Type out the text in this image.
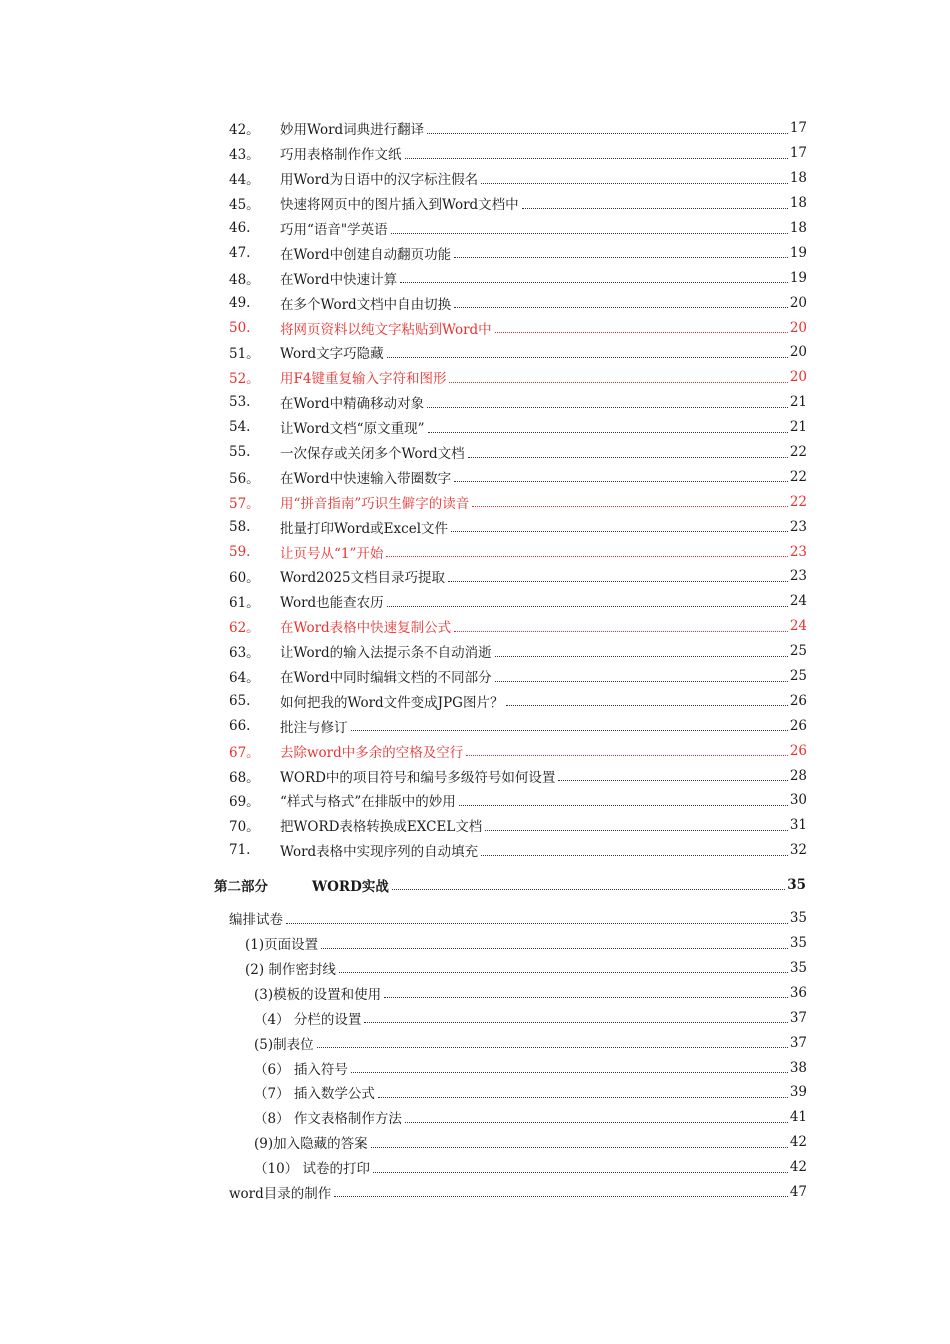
42。	妙用Word词典进行翻译	17
43。	巧用表格制作作文纸	17
44。	用Word为日语中的汉字标注假名	18
45。	快速将网页中的图片插入到Word文档中	18
46.	巧用“语音"学英语	18
47.	在Word中创建自动翻页功能	19
48。	在Word中快速计算	19
49.	在多个Word文档中自由切换	20
50.	将网页资料以纯文字粘贴到Word中	20
51。	Word文字巧隐藏	20
52。	用F4键重复输入字符和图形	20
53.	在Word中精确移动对象	21
54.	让Word文档“原文重现”	21
55.	一次保存或关闭多个Word文档	22
56。	在Word中快速输入带圈数字	22
57。	用“拼音指南”巧识生僻字的读音	22
58.	批量打印Word或Excel文件	23
59.	让页号从“1”开始	23
60。	Word2025文档目录巧提取	23
61。	Word也能查农历	24
62。	在Word表格中快速复制公式	24
63。	让Word的输入法提示条不自动消逝	25
64。	在Word中同时编辑文档的不同部分	25
65.	如何把我的Word文件变成JPG图片？	26
66.	批注与修订	26
67。	去除word中多余的空格及空行	26
68。	WORD中的项目符号和编号多级符号如何设置	28
69。	“样式与格式”在排版中的妙用	30
70。	把WORD表格转换成EXCEL文档	31
71.	Word表格中实现序列的自动填充	32
第二部分	WORD实战	35
编排试卷	35
(1)页面设置	35
(2) 制作密封线	35
(3)模板的设置和使用	36
（4） 分栏的设置	37
(5)制表位	37
（6） 插入符号	38
（7） 插入数学公式	39
（8） 作文表格制作方法	41
(9)加入隐藏的答案	42
（10） 试卷的打印	42
word目录的制作	47
